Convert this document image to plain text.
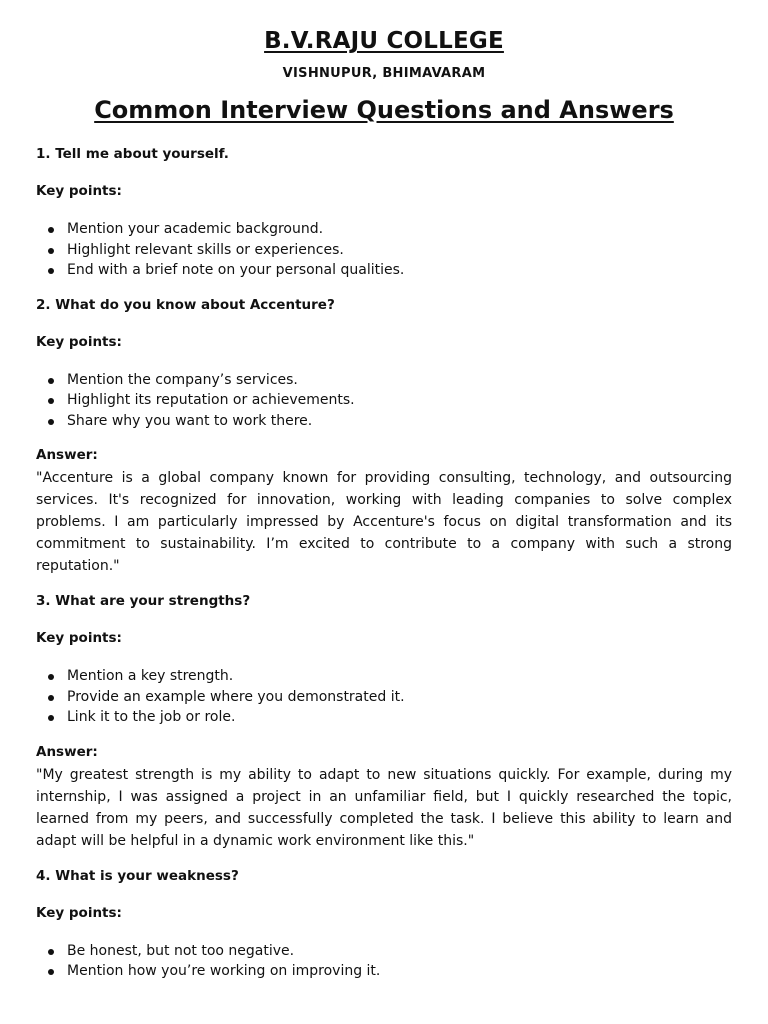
B.V.RAJU COLLEGE
VISHNUPUR, BHIMAVARAM
Common Interview Questions and Answers

1. Tell me about yourself.

Key points:

Mention your academic background.
Highlight relevant skills or experiences.
End with a brief note on your personal qualities.

2. What do you know about Accenture?

Key points:

Mention the company’s services.
Highlight its reputation or achievements.
Share why you want to work there.

Answer:

"Accenture is a global company known for providing consulting, technology, and outsourcing services. It's recognized for innovation, working with leading companies to solve complex problems. I am particularly impressed by Accenture's focus on digital transformation and its commitment to sustainability. I’m excited to contribute to a company with such a strong reputation."

3. What are your strengths?

Key points:

Mention a key strength.
Provide an example where you demonstrated it.
Link it to the job or role.

Answer:

"My greatest strength is my ability to adapt to new situations quickly. For example, during my internship, I was assigned a project in an unfamiliar field, but I quickly researched the topic, learned from my peers, and successfully completed the task. I believe this ability to learn and adapt will be helpful in a dynamic work environment like this."

4. What is your weakness?

Key points:

Be honest, but not too negative.
Mention how you’re working on improving it.
